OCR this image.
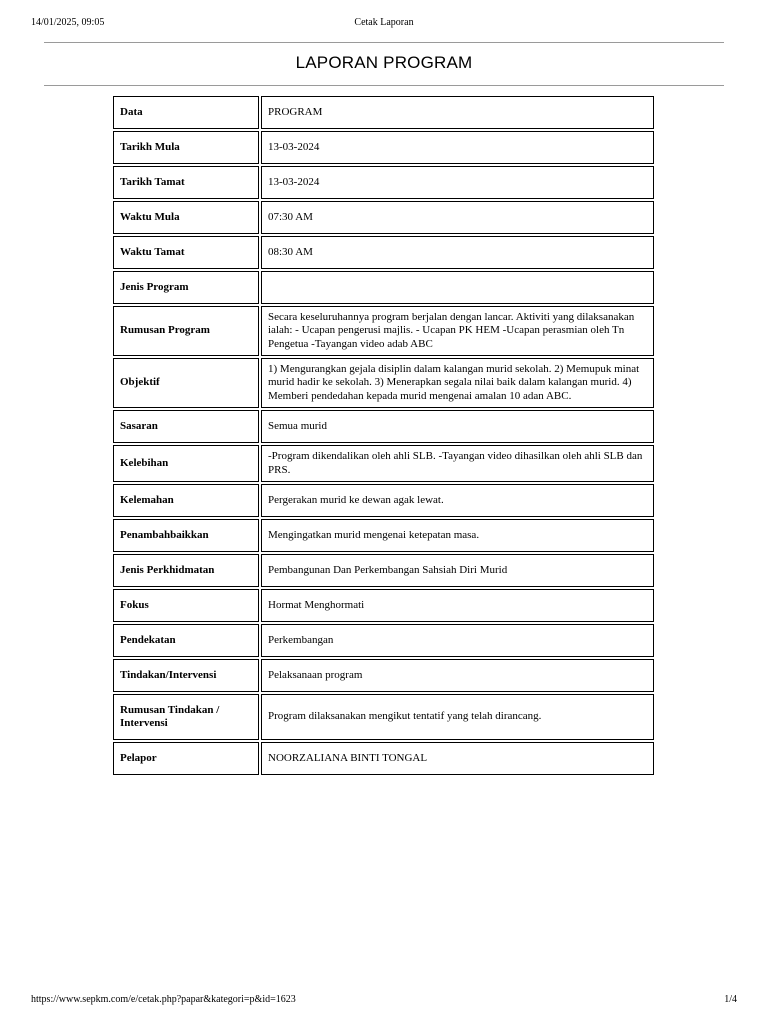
14/01/2025, 09:05	Cetak Laporan
LAPORAN PROGRAM
Data	PROGRAM
Tarikh Mula	13-03-2024
Tarikh Tamat	13-03-2024
Waktu Mula	07:30 AM
Waktu Tamat	08:30 AM
Jenis Program	
Rumusan Program	Secara keseluruhannya program berjalan dengan lancar. Aktiviti yang dilaksanakan ialah: - Ucapan pengerusi majlis. - Ucapan PK HEM -Ucapan perasmian oleh Tn Pengetua -Tayangan video adab ABC
Objektif	1) Mengurangkan gejala disiplin dalam kalangan murid sekolah. 2) Memupuk minat murid hadir ke sekolah. 3) Menerapkan segala nilai baik dalam kalangan murid. 4) Memberi pendedahan kepada murid mengenai amalan 10 adan ABC.
Sasaran	Semua murid
Kelebihan	-Program dikendalikan oleh ahli SLB. -Tayangan video dihasilkan oleh ahli SLB dan PRS.
Kelemahan	Pergerakan murid ke dewan agak lewat.
Penambahbaikkan	Mengingatkan murid mengenai ketepatan masa.
Jenis Perkhidmatan	Pembangunan Dan Perkembangan Sahsiah Diri Murid
Fokus	Hormat Menghormati
Pendekatan	Perkembangan
Tindakan/Intervensi	Pelaksanaan program
Rumusan Tindakan / Intervensi	Program dilaksanakan mengikut tentatif yang telah dirancang.
Pelapor	NOORZALIANA BINTI TONGAL
https://www.sepkm.com/e/cetak.php?papar&kategori=p&id=1623	1/4
